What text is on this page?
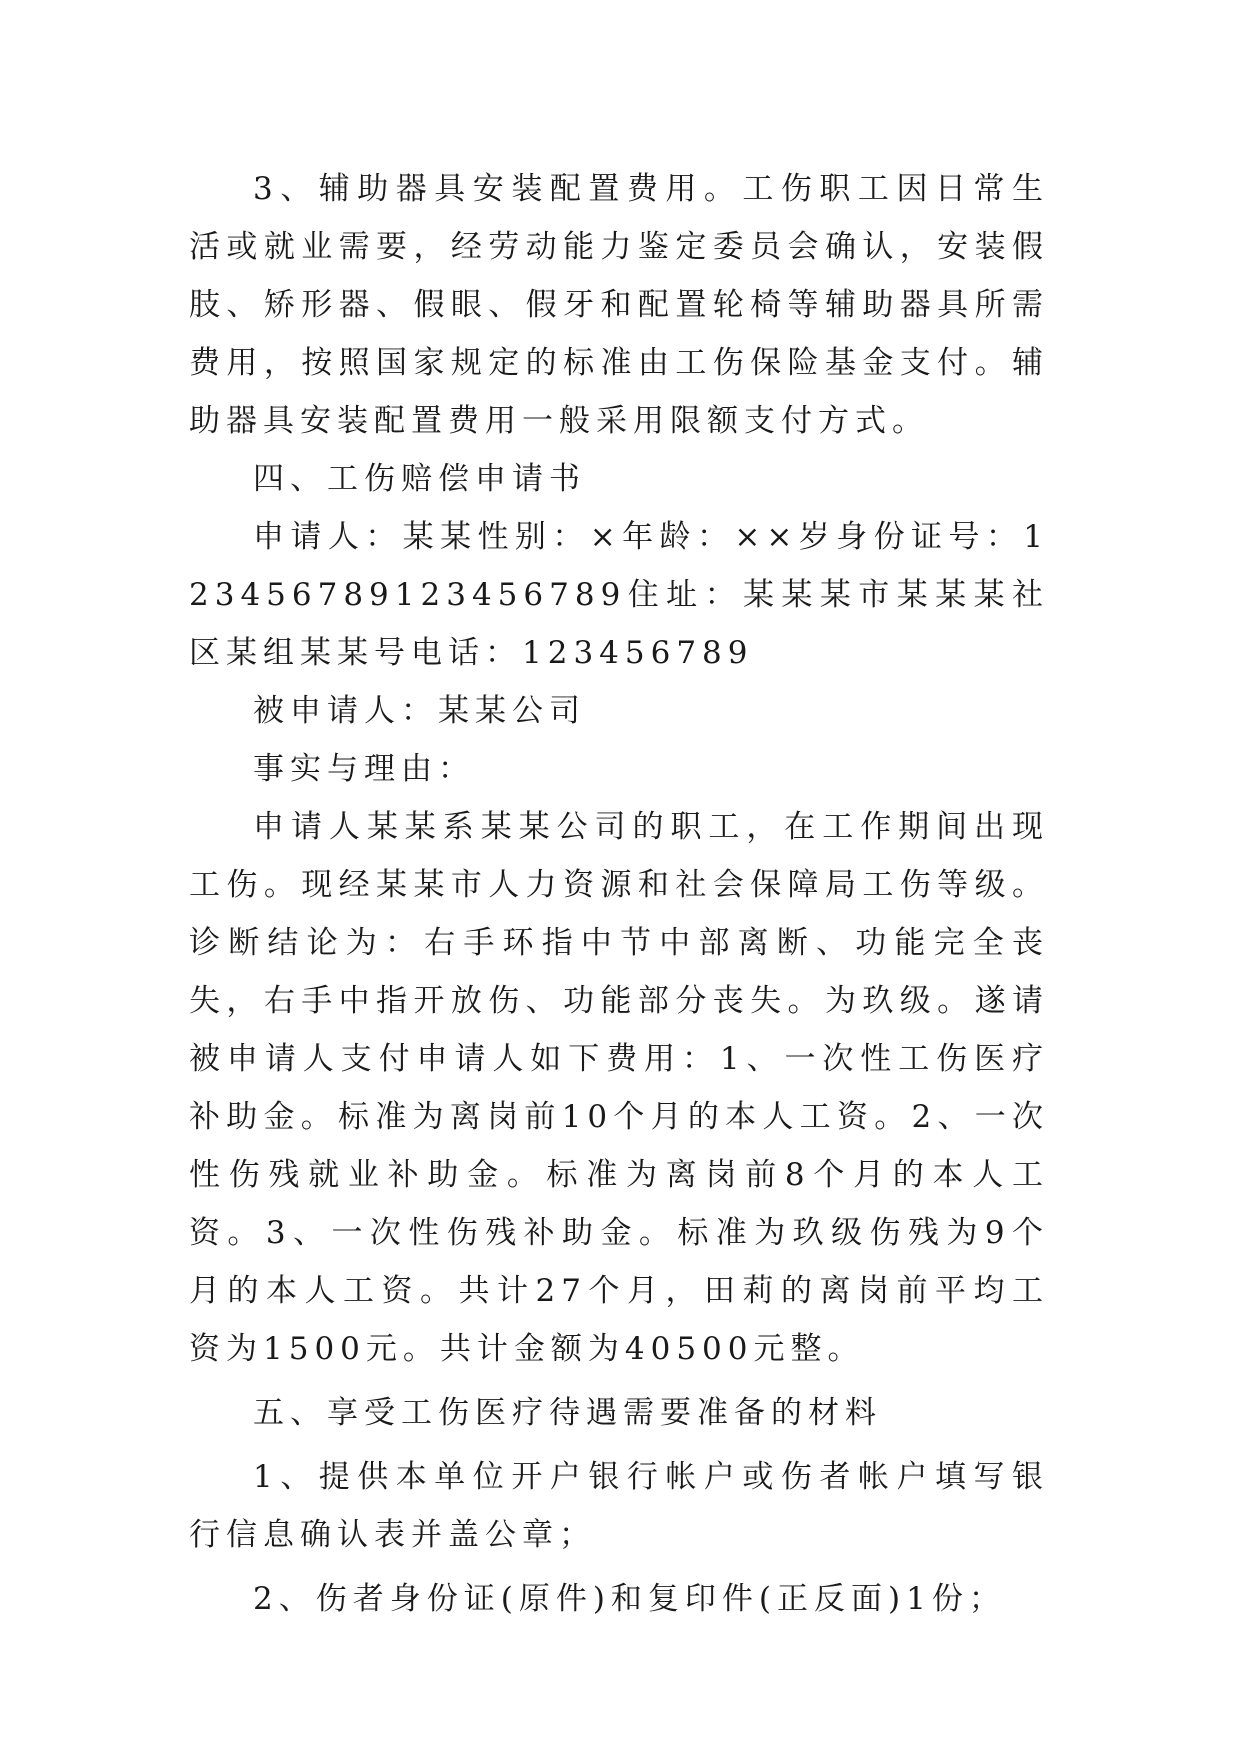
3、辅助器具安装配置费用。工伤职工因日常生活或就业需要，经劳动能力鉴定委员会确认，安装假肢、矫形器、假眼、假牙和配置轮椅等辅助器具所需费用，按照国家规定的标准由工伤保险基金支付。辅助器具安装配置费用一般采用限额支付方式。

四、工伤赔偿申请书

申请人：某某性别：×年龄：××岁身份证号：123456789123456789住址：某某某市某某某社区某组某某号电话：123456789

被申请人：某某公司

事实与理由：

申请人某某系某某公司的职工，在工作期间出现工伤。现经某某市人力资源和社会保障局工伤等级。诊断结论为：右手环指中节中部离断、功能完全丧失，右手中指开放伤、功能部分丧失。为玖级。遂请被申请人支付申请人如下费用：1、一次性工伤医疗补助金。标准为离岗前10个月的本人工资。2、一次性伤残就业补助金。标准为离岗前8个月的本人工资。3、一次性伤残补助金。标准为玖级伤残为9个月的本人工资。共计27个月，田莉的离岗前平均工资为1500元。共计金额为40500元整。

五、享受工伤医疗待遇需要准备的材料

1、提供本单位开户银行帐户或伤者帐户填写银行信息确认表并盖公章；

2、伤者身份证(原件)和复印件(正反面)1份；
